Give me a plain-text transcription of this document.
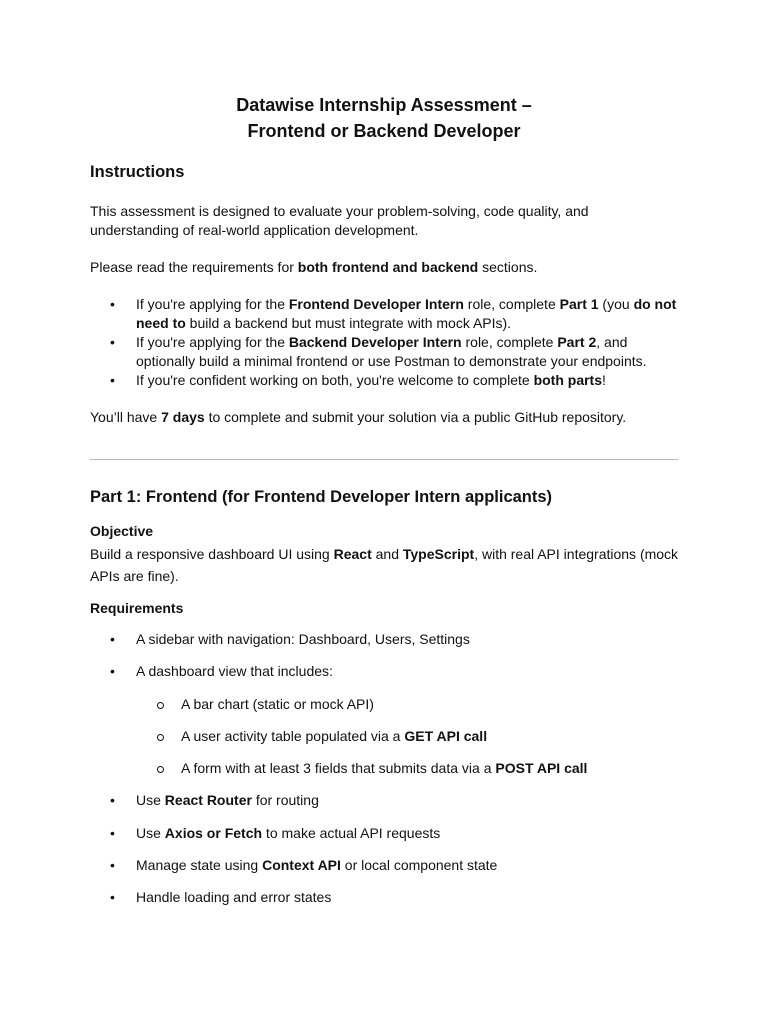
Datawise Internship Assessment –
Frontend or Backend Developer
Instructions
This assessment is designed to evaluate your problem-solving, code quality, and understanding of real-world application development.
Please read the requirements for both frontend and backend sections.
• If you're applying for the Frontend Developer Intern role, complete Part 1 (you do not need to build a backend but must integrate with mock APIs).
• If you're applying for the Backend Developer Intern role, complete Part 2, and optionally build a minimal frontend or use Postman to demonstrate your endpoints.
• If you're confident working on both, you're welcome to complete both parts!
You’ll have 7 days to complete and submit your solution via a public GitHub repository.
Part 1: Frontend (for Frontend Developer Intern applicants)
Objective
Build a responsive dashboard UI using React and TypeScript, with real API integrations (mock APIs are fine).
Requirements
• A sidebar with navigation: Dashboard, Users, Settings
• A dashboard view that includes:
A bar chart (static or mock API)
A user activity table populated via a GET API call
A form with at least 3 fields that submits data via a POST API call
• Use React Router for routing
• Use Axios or Fetch to make actual API requests
• Manage state using Context API or local component state
• Handle loading and error states
